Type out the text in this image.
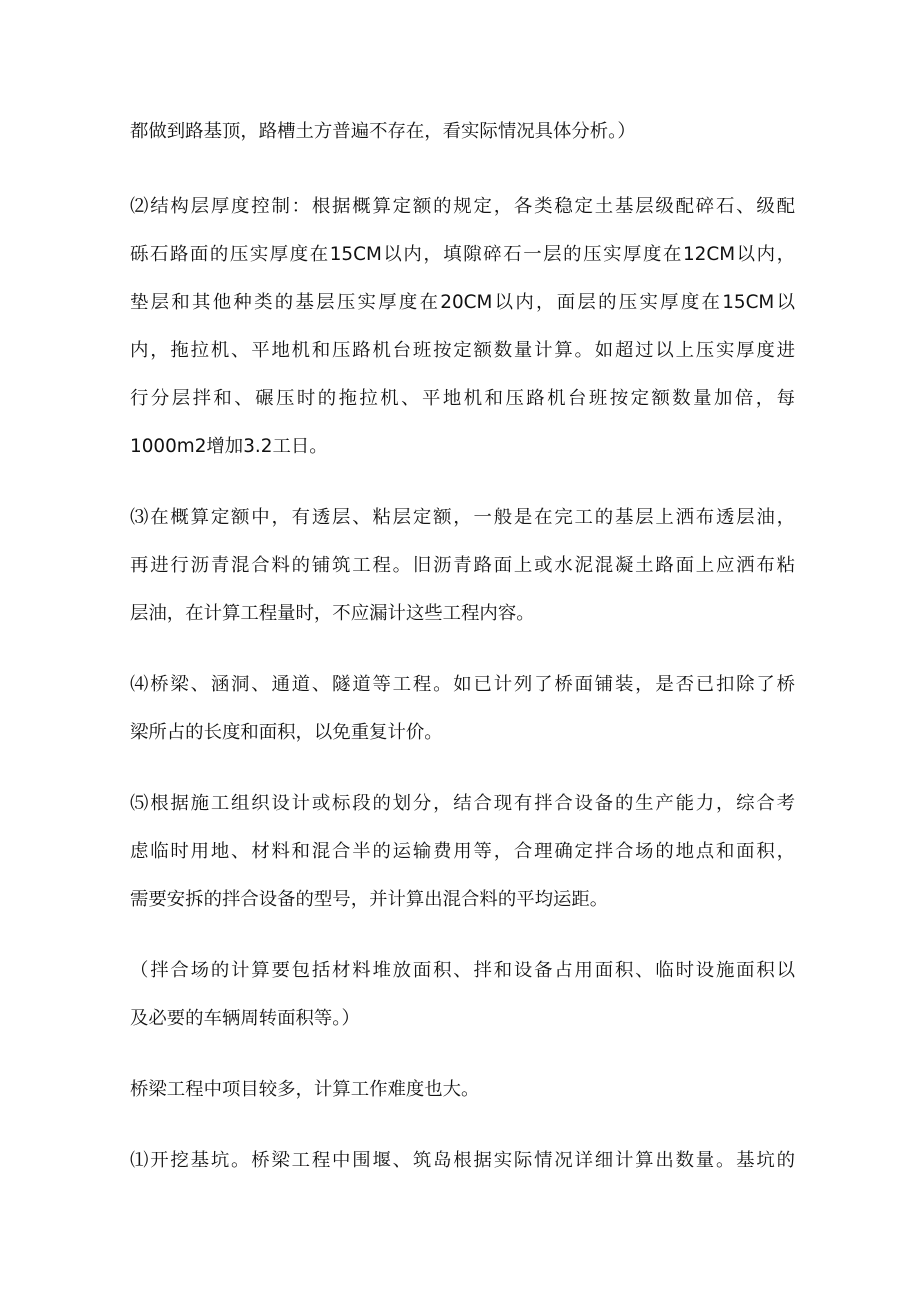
都做到路基顶，路槽土方普遍不存在，看实际情况具体分析。）
⑵结构层厚度控制：根据概算定额的规定，各类稳定土基层级配碎石、级配
砾石路面的压实厚度在15CM以内，填隙碎石一层的压实厚度在12CM以内，
垫层和其他种类的基层压实厚度在20CM以内，面层的压实厚度在15CM以
内，拖拉机、平地机和压路机台班按定额数量计算。如超过以上压实厚度进
行分层拌和、碾压时的拖拉机、平地机和压路机台班按定额数量加倍，每
1000m2增加3.2工日。
⑶在概算定额中，有透层、粘层定额，一般是在完工的基层上洒布透层油，
再进行沥青混合料的铺筑工程。旧沥青路面上或水泥混凝土路面上应洒布粘
层油，在计算工程量时，不应漏计这些工程内容。
⑷桥梁、涵洞、通道、隧道等工程。如已计列了桥面铺装，是否已扣除了桥
梁所占的长度和面积，以免重复计价。
⑸根据施工组织设计或标段的划分，结合现有拌合设备的生产能力，综合考
虑临时用地、材料和混合半的运输费用等，合理确定拌合场的地点和面积，
需要安拆的拌合设备的型号，并计算出混合料的平均运距。
（拌合场的计算要包括材料堆放面积、拌和设备占用面积、临时设施面积以
及必要的车辆周转面积等。）
桥梁工程中项目较多，计算工作难度也大。
⑴开挖基坑。桥梁工程中围堰、筑岛根据实际情况详细计算出数量。基坑的
